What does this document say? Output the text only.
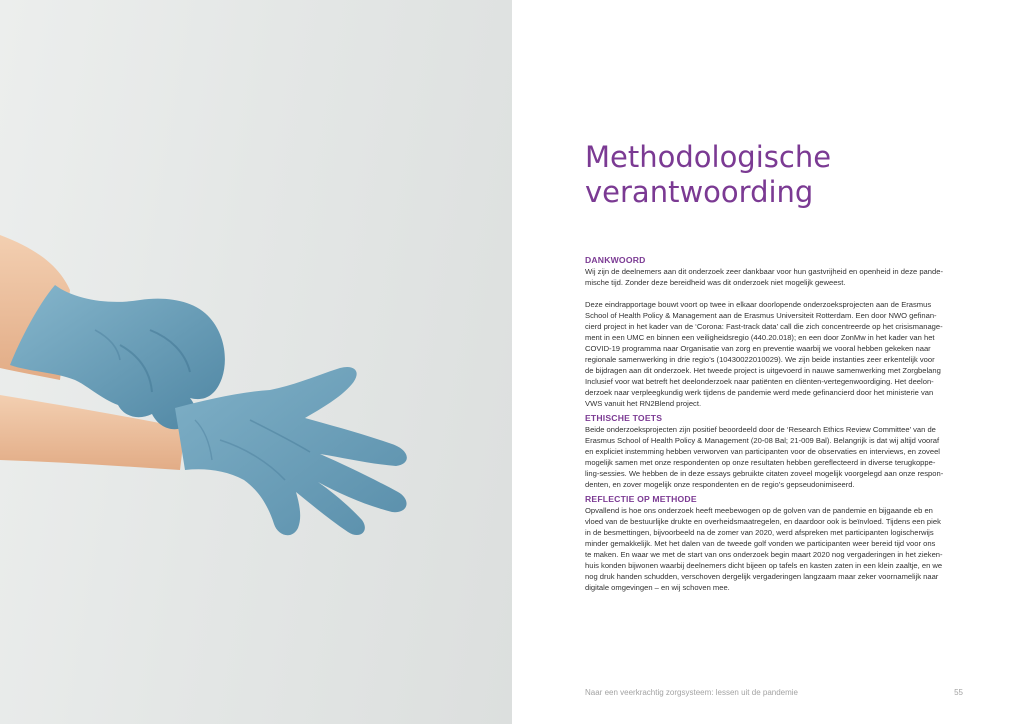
Methodologische
verantwoording
DANKWOORD
Wij zijn de deelnemers aan dit onderzoek zeer dankbaar voor hun gastvrijheid en openheid in deze pande-
mische tijd. Zonder deze bereidheid was dit onderzoek niet mogelijk geweest.
Deze eindrapportage bouwt voort op twee in elkaar doorlopende onderzoeksprojecten aan de Erasmus
School of Health Policy & Management aan de Erasmus Universiteit Rotterdam. Een door NWO gefinan-
cierd project in het kader van de ‘Corona: Fast-track data’ call die zich concentreerde op het crisismanage-
ment in een UMC en binnen een veiligheidsregio (440.20.018); en een door ZonMw in het kader van het
COVID-19 programma naar Organisatie van zorg en preventie waarbij we vooral hebben gekeken naar
regionale samenwerking in drie regio’s (10430022010029). We zijn beide instanties zeer erkentelijk voor
de bijdragen aan dit onderzoek. Het tweede project is uitgevoerd in nauwe samenwerking met Zorgbelang
Inclusief voor wat betreft het deelonderzoek naar patiënten en cliënten-vertegenwoordiging. Het deelon-
derzoek naar verpleegkundig werk tijdens de pandemie werd mede gefinancierd door het ministerie van
VWS vanuit het RN2Blend project.
ETHISCHE TOETS
Beide onderzoeksprojecten zijn positief beoordeeld door de ‘Research Ethics Review Committee’ van de
Erasmus School of Health Policy & Management (20-08 Bal; 21-009 Bal). Belangrijk is dat wij altijd vooraf
en expliciet instemming hebben verworven van participanten voor de observaties en interviews, en zoveel
mogelijk samen met onze respondenten op onze resultaten hebben gereflecteerd in diverse terugkoppe-
ling-sessies. We hebben de in deze essays gebruikte citaten zoveel mogelijk voorgelegd aan onze respon-
denten, en zover mogelijk onze respondenten en de regio’s gepseudonimiseerd.
REFLECTIE OP METHODE
Opvallend is hoe ons onderzoek heeft meebewogen op de golven van de pandemie en bijgaande eb en
vloed van de bestuurlijke drukte en overheidsmaatregelen, en daardoor ook is beïnvloed. Tijdens een piek
in de besmettingen, bijvoorbeeld na de zomer van 2020, werd afspreken met participanten logischerwijs
minder gemakkelijk. Met het dalen van de tweede golf vonden we participanten weer bereid tijd voor ons
te maken. En waar we met de start van ons onderzoek begin maart 2020 nog vergaderingen in het zieken-
huis konden bijwonen waarbij deelnemers dicht bijeen op tafels en kasten zaten in een klein zaaltje, en we
nog druk handen schudden, verschoven dergelijk vergaderingen langzaam maar zeker voornamelijk naar
digitale omgevingen – en wij schoven mee.
Naar een veerkrachtig zorgsysteem: lessen uit de pandemie	55
